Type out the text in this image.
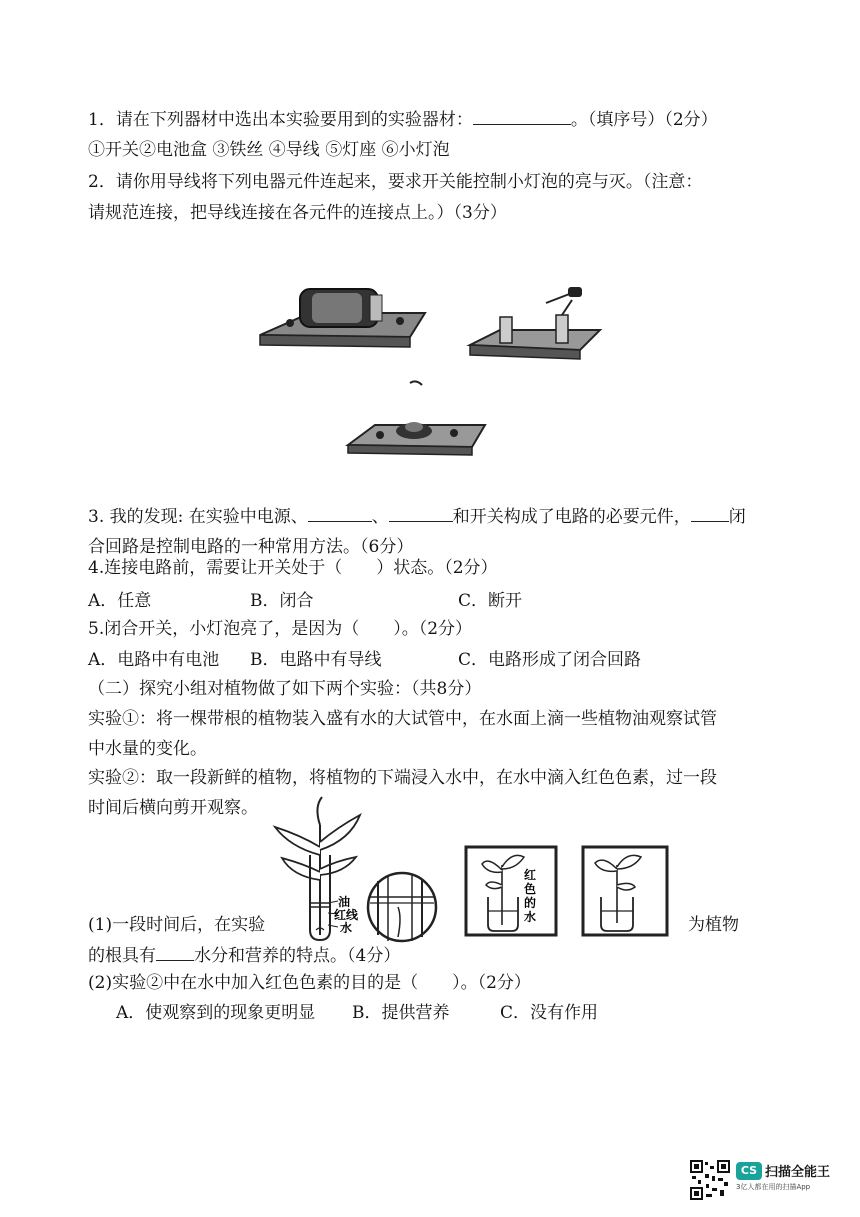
1．请在下列器材中选出本实验要用到的实验器材：	。（填序号）（2分）
①开关②电池盒 ③铁丝 ④导线 ⑤灯座 ⑥小灯泡
2．请你用导线将下列电器元件连起来，要求开关能控制小灯泡的亮与灭。（注意：
请规范连接，把导线连接在各元件的连接点上。）（3分）
3. 我的发现: 在实验中电源、	、	和开关构成了电路的必要元件， 闭
合回路是控制电路的一种常用方法。（6分）
4.连接电路前，需要让开关处于（　　）状态。（2分）
A．任意	B．闭合	C．断开
5.闭合开关，小灯泡亮了，是因为（　　）。（2分）
A．电路中有电池 B．电路中有导线	C．电路形成了闭合回路
（二）探究小组对植物做了如下两个实验：（共8分）
实验①：将一棵带根的植物装入盛有水的大试管中，在水面上滴一些植物油观察试管
中水量的变化。
实验②：取一段新鲜的植物，将植物的下端浸入水中，在水中滴入红色色素，过一段
时间后横向剪开观察。
油
红线
水
红
色
的
水
(1)一段时间后，在实验	为植物
的根具有 水分和营养的特点。（4分）
(2)实验②中在水中加入红色色素的目的是（　　）。（2分）
A．使观察到的现象更明显 B．提供营养	C．没有作用
CS 扫描全能王
3亿人都在用的扫描App
